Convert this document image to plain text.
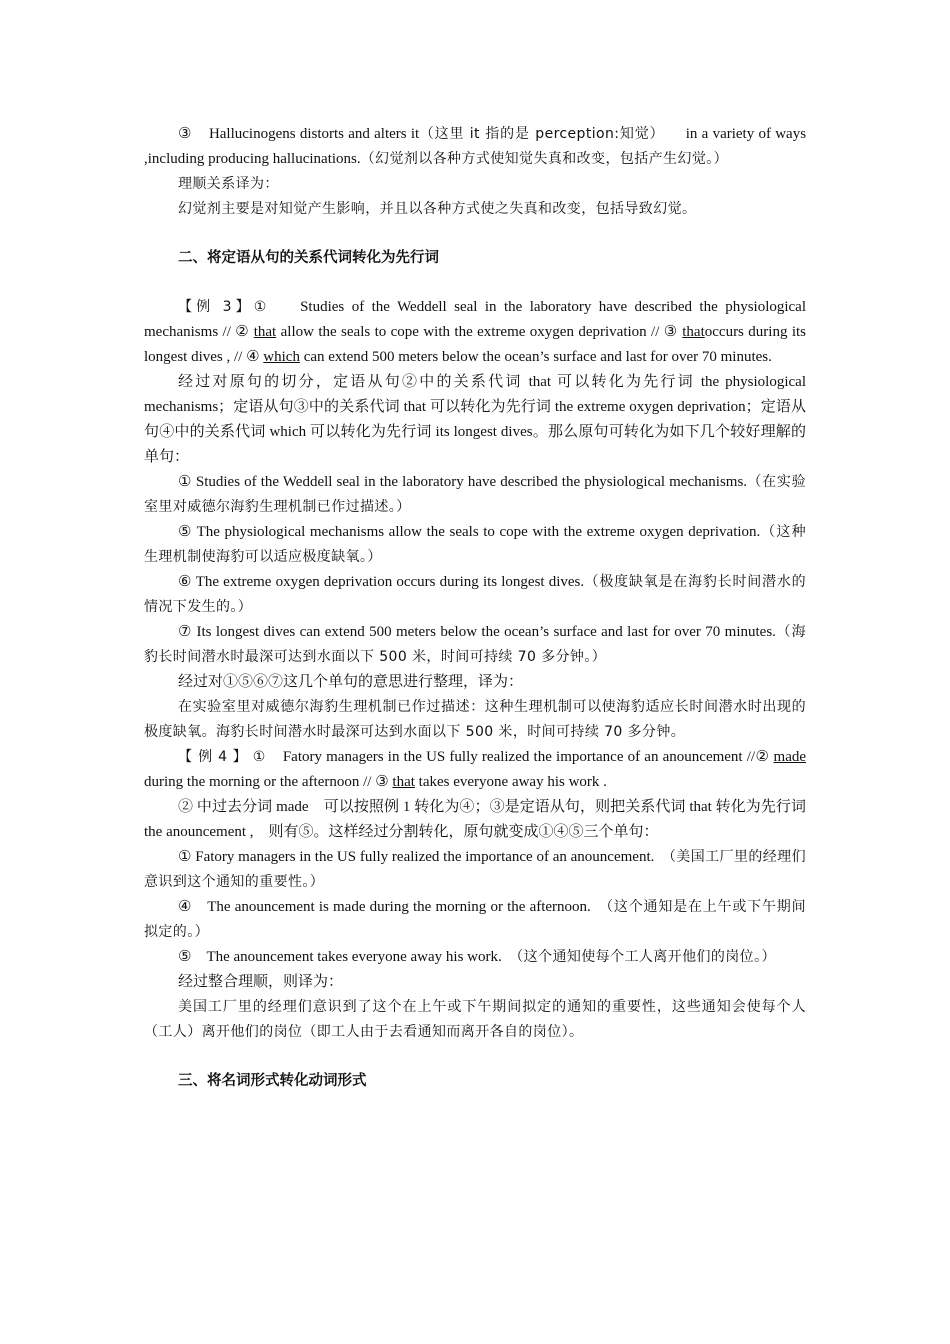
③ Hallucinogens distorts and alters it（这里 it 指的是 perception:知觉） in a variety of ways ,including producing hallucinations.（幻觉剂以各种方式使知觉失真和改变，包括产生幻觉。）

理顺关系译为：

幻觉剂主要是对知觉产生影响，并且以各种方式使之失真和改变，包括导致幻觉。

二、将定语从句的关系代词转化为先行词

【例 3】① Studies of the Weddell seal in the laboratory have described the physiological mechanisms // ② that allow the seals to cope with the extreme oxygen deprivation // ③ thatoccurs during its longest dives , // ④ which can extend 500 meters below the ocean’s surface and last for over 70 minutes.

经过对原句的切分，定语从句②中的关系代词 that 可以转化为先行词 the physiological mechanisms；定语从句③中的关系代词 that 可以转化为先行词 the extreme oxygen deprivation；定语从句④中的关系代词 which 可以转化为先行词 its longest dives。那么原句可转化为如下几个较好理解的单句：

① Studies of the Weddell seal in the laboratory have described the physiological mechanisms.（在实验室里对威德尔海豹生理机制已作过描述。）

⑤ The physiological mechanisms allow the seals to cope with the extreme oxygen deprivation.（这种生理机制使海豹可以适应极度缺氧。）

⑥ The extreme oxygen deprivation occurs during its longest dives.（极度缺氧是在海豹长时间潜水的情况下发生的。）

⑦ Its longest dives can extend 500 meters below the ocean’s surface and last for over 70 minutes.（海豹长时间潜水时最深可达到水面以下 500 米，时间可持续 70 多分钟。）

经过对①⑤⑥⑦这几个单句的意思进行整理，译为：

在实验室里对威德尔海豹生理机制已作过描述：这种生理机制可以使海豹适应长时间潜水时出现的极度缺氧。海豹长时间潜水时最深可达到水面以下 500 米，时间可持续 70 多分钟。

【 例 4 】 ① Fatory managers in the US fully realized the importance of an anouncement //② made during the morning or the afternoon // ③ that takes everyone away his work .

② 中过去分词 made　可以按照例 1 转化为④；③是定语从句，则把关系代词 that 转化为先行词 the anouncement ,　则有⑤。这样经过分割转化，原句就变成①④⑤三个单句：

① Fatory managers in the US fully realized the importance of an anouncement. （美国工厂里的经理们意识到这个通知的重要性。）

④　The anouncement is made during the morning or the afternoon. （这个通知是在上午或下午期间拟定的。）

⑤　The anouncement takes everyone away his work. （这个通知使每个工人离开他们的岗位。）

经过整合理顺，则译为：

美国工厂里的经理们意识到了这个在上午或下午期间拟定的通知的重要性，这些通知会使每个人（工人）离开他们的岗位（即工人由于去看通知而离开各自的岗位）。

三、将名词形式转化动词形式
